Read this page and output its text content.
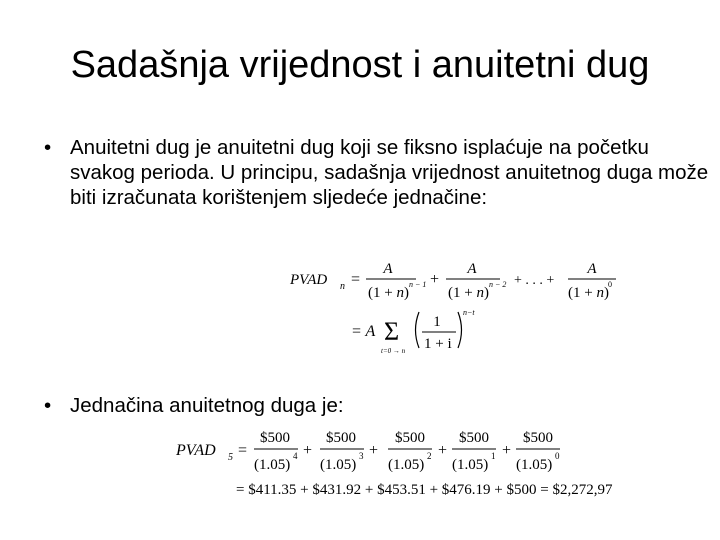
Sadašnja vrijednost i anuitetni dug
• Anuitetni dug je anuitetni dug koji se fiksno isplaćuje na početku svakog perioda. U principu, sadašnja vrijednost anuitetnog duga može biti izračunata korištenjem sljedeće jednačine:
PVAD n =
A
(1 + n)
n − 1 +
A
(1 + n)
n − 2 + . . . +
A
(1 + n)
0
= A Σ
t=0 → n
1
1 + i
n−t
• Jednačina anuitetnog duga je:
PVAD 5 =
$500
(1.05)
4 +
$500
(1.05)
3 +
$500
(1.05)
2 +
$500
(1.05)
1 +
$500
(1.05)
0
= $411.35 + $431.92 + $453.51 + $476.19 + $500 = $2,272,97
